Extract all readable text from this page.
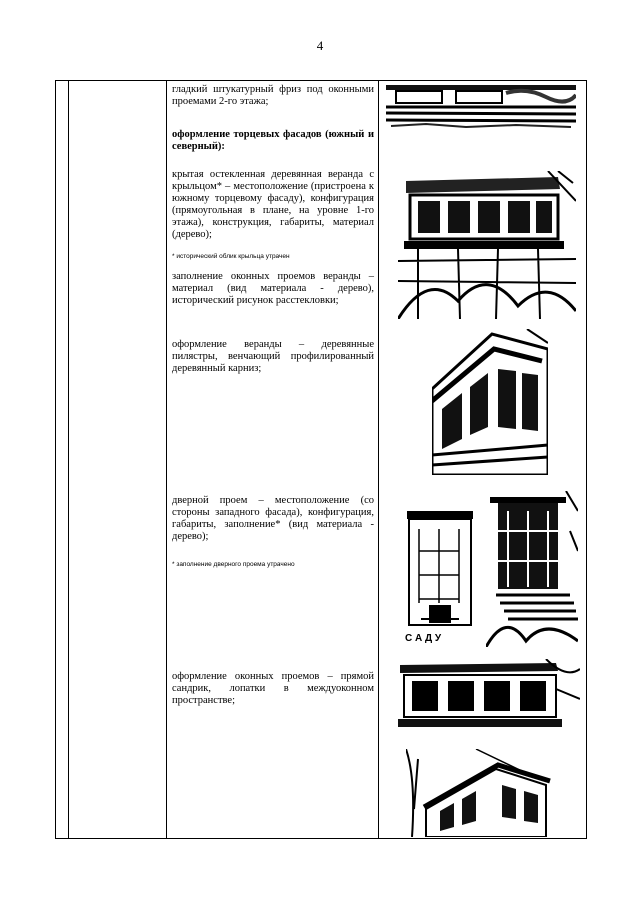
4

гладкий штукатурный фриз под оконными проемами 2-го этажа;

оформление торцевых фасадов (южный и северный):

крытая остекленная деревянная веранда с крыльцом* – местоположение (пристроена к южному торцевому фасаду), конфигурация (прямоугольная в плане, на уровне 1-го этажа), конструкция, габариты, материал (дерево);

* исторический облик крыльца утрачен

заполнение оконных проемов веранды – материал (вид материала - дерево), исторический рисунок расстекловки;

оформление веранды – деревянные пилястры, венчающий профилированный деревянный карниз;

дверной проем – местоположение (со стороны западного фасада), конфигурация, габариты, заполнение* (вид материала - дерево);

* заполнение дверного проема утрачено

оформление оконных проемов – прямой сандрик, лопатки в междуоконном пространстве;

С А Д У
